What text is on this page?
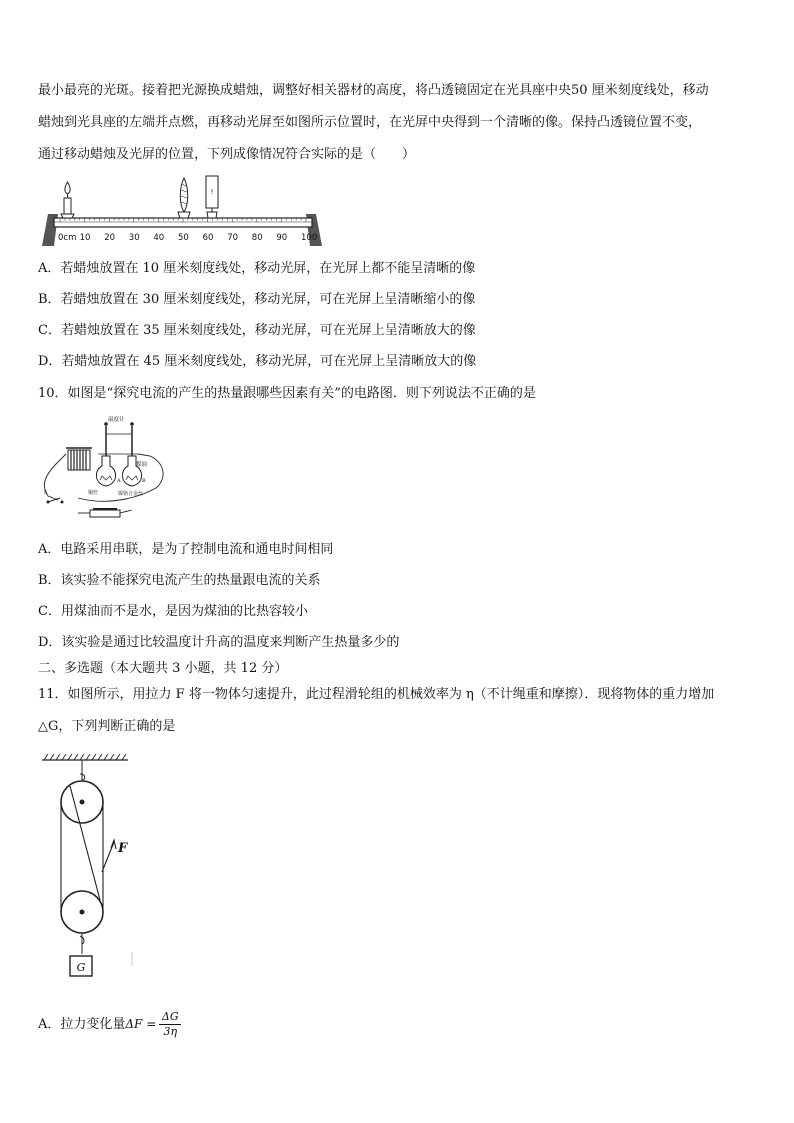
最小最亮的光斑。接着把光源换成蜡烛，调整好相关器材的高度，将凸透镜固定在光具座中央50 厘米刻度线处，移动
蜡烛到光具座的左端并点燃，再移动光屏至如图所示位置时，在光屏中央得到一个清晰的像。保持凸透镜位置不变，
通过移动蜡烛及光屏的位置，下列成像情况符合实际的是（　　）
!
0cm 10 20 30 40 50 60 70 80 90 100
A．若蜡烛放置在 10 厘米刻度线处，移动光屏，在光屏上都不能呈清晰的像
B．若蜡烛放置在 30 厘米刻度线处，移动光屏，可在光屏上呈清晰缩小的像
C．若蜡烛放置在 35 厘米刻度线处，移动光屏，可在光屏上呈清晰放大的像
D．若蜡烛放置在 45 厘米刻度线处，移动光屏，可在光屏上呈清晰放大的像
10．如图是“探究电流的产生的热量跟哪些因素有关”的电路图．则下列说法不正确的是
温度计
煤油
A	B
铜丝	镍铬合金丝
S
A．电路采用串联，是为了控制电流和通电时间相同
B．该实验不能探究电流产生的热量跟电流的关系
C．用煤油而不是水，是因为煤油的比热容较小
D．该实验是通过比较温度计升高的温度来判断产生热量多少的
二、多选题（本大题共 3 小题，共 12 分）
11．如图所示，用拉力 F 将一物体匀速提升，此过程滑轮组的机械效率为 η（不计绳重和摩擦）．现将物体的重力增加
△G，下列判断正确的是
F
G
A．拉力变化量 $\Delta F = \frac{\Delta G}{3\eta}$
